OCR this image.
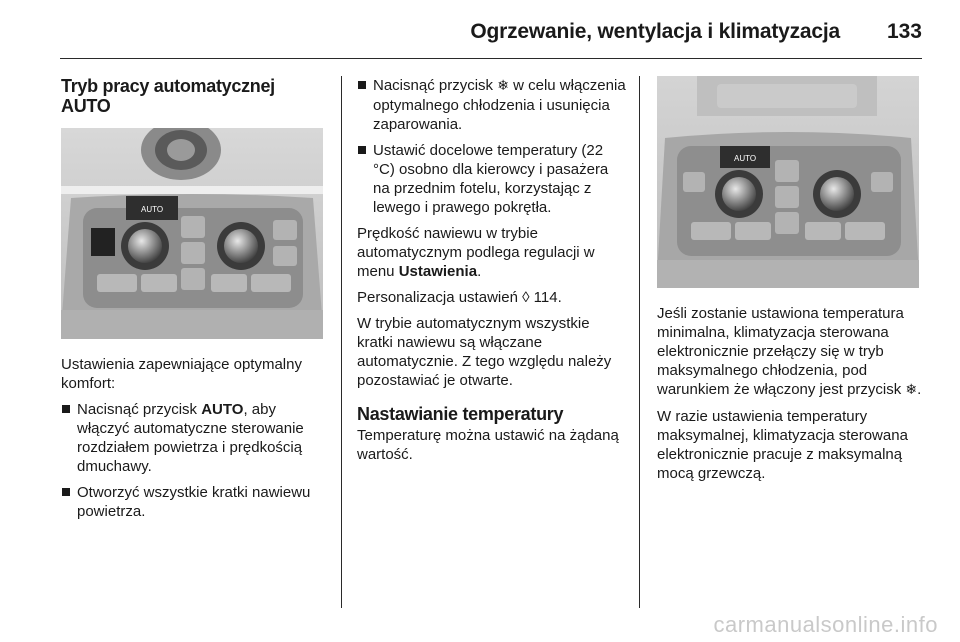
Ogrzewanie, wentylacja i klimatyzacja 133
Tryb pracy automatycznej AUTO
AUTO

Ustawienia zapewniające optymalny komfort:

Nacisnąć przycisk AUTO, aby włączyć automatyczne sterowanie rozdziałem powietrza i prędkością dmuchawy.
Otworzyć wszystkie kratki nawiewu powietrza.
Nacisnąć przycisk ❄ w celu włączenia optymalnego chłodzenia i usunięcia zaparowania.
Ustawić docelowe temperatury (22 °C) osobno dla kierowcy i pasażera na przednim fotelu, korzystając z lewego i prawego pokrętła.

Prędkość nawiewu w trybie automatycznym podlega regulacji w menu Ustawienia.

Personalizacja ustawień ◊ 114.

W trybie automatycznym wszystkie kratki nawiewu są włączane automatycznie. Z tego względu należy pozostawiać je otwarte.

Nastawianie temperatury

Temperaturę można ustawić na żądaną wartość.

AUTO

Jeśli zostanie ustawiona temperatura minimalna, klimatyzacja sterowana elektronicznie przełączy się w tryb maksymalnego chłodzenia, pod warunkiem że włączony jest przycisk ❄.

W razie ustawienia temperatury maksymalnej, klimatyzacja sterowana elektronicznie pracuje z maksymalną mocą grzewczą.

carmanualsonline.info
